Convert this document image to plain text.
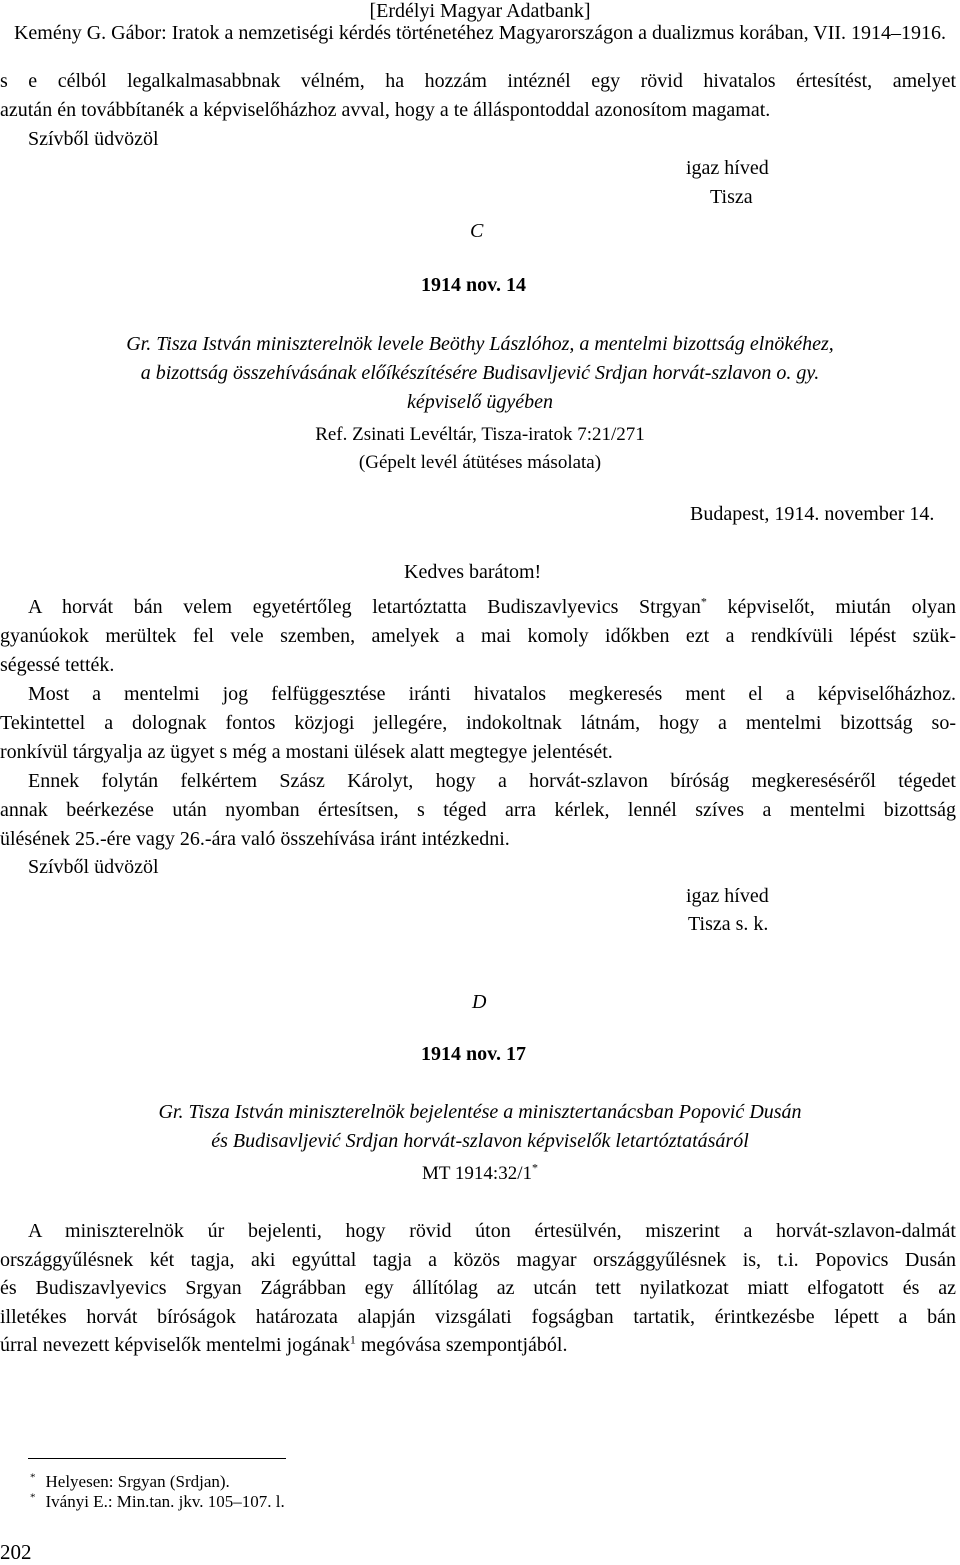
[Erdélyi Magyar Adatbank]
Kemény G. Gábor: Iratok a nemzetiségi kérdés történetéhez Magyarországon a dualizmus korában, VII. 1914–1916.
s e célból legalkalmasabbnak vélném, ha hozzám intéznél egy rövid hivatalos értesítést, amelyet
azután én továbbítanék a képviselőházhoz avval, hogy a te álláspontoddal azonosítom magamat.
Szívből üdvözöl
igaz híved
Tisza
C
1914 nov. 14
Gr. Tisza István miniszterelnök levele Beöthy Lászlóhoz, a mentelmi bizottság elnökéhez,
a bizottság összehívásának előíkészítésére Budisavljević Srdjan horvát-szlavon o. gy.
képviselő ügyében
Ref. Zsinati Levéltár, Tisza-iratok 7:21/271
(Gépelt levél átütéses másolata)
Budapest, 1914. november 14.
Kedves barátom!
A horvát bán velem egyetértőleg letartóztatta Budiszavlyevics Strgyan* képviselőt, miután olyan
gyanúokok merültek fel vele szemben, amelyek a mai komoly időkben ezt a rendkívüli lépést szük-
ségessé tették.
Most a mentelmi jog felfüggesztése iránti hivatalos megkeresés ment el a képviselőházhoz.
Tekintettel a dolognak fontos közjogi jellegére, indokoltnak látnám, hogy a mentelmi bizottság so-
ronkívül tárgyalja az ügyet s még a mostani ülések alatt megtegye jelentését.
Ennek folytán felkértem Szász Károlyt, hogy a horvát-szlavon bíróság megkereséséről tégedet
annak beérkezése után nyomban értesítsen, s téged arra kérlek, lennél szíves a mentelmi bizottság
ülésének 25.-ére vagy 26.-ára való összehívása iránt intézkedni.
Szívből üdvözöl
igaz híved
Tisza s. k.
D
1914 nov. 17
Gr. Tisza István miniszterelnök bejelentése a minisztertanácsban Popović Dusán
és Budisavljević Srdjan horvát-szlavon képviselők letartóztatásáról
MT 1914:32/1*
A miniszterelnök úr bejelenti, hogy rövid úton értesülvén, miszerint a horvát-szlavon-dalmát
országgyűlésnek két tagja, aki egyúttal tagja a közös magyar országgyűlésnek is, t.i. Popovics Dusán
és Budiszavlyevics Srgyan Zágrábban egy állítólag az utcán tett nyilatkozat miatt elfogatott és az
illetékes horvát bíróságok határozata alapján vizsgálati fogságban tartatik, érintkezésbe lépett a bán
úrral nevezett képviselők mentelmi jogának$^1$ megóvása szempontjából.
* Helyesen: Srgyan (Srdjan).
* Iványi E.: Min.tan. jkv. 105–107. l.
202
